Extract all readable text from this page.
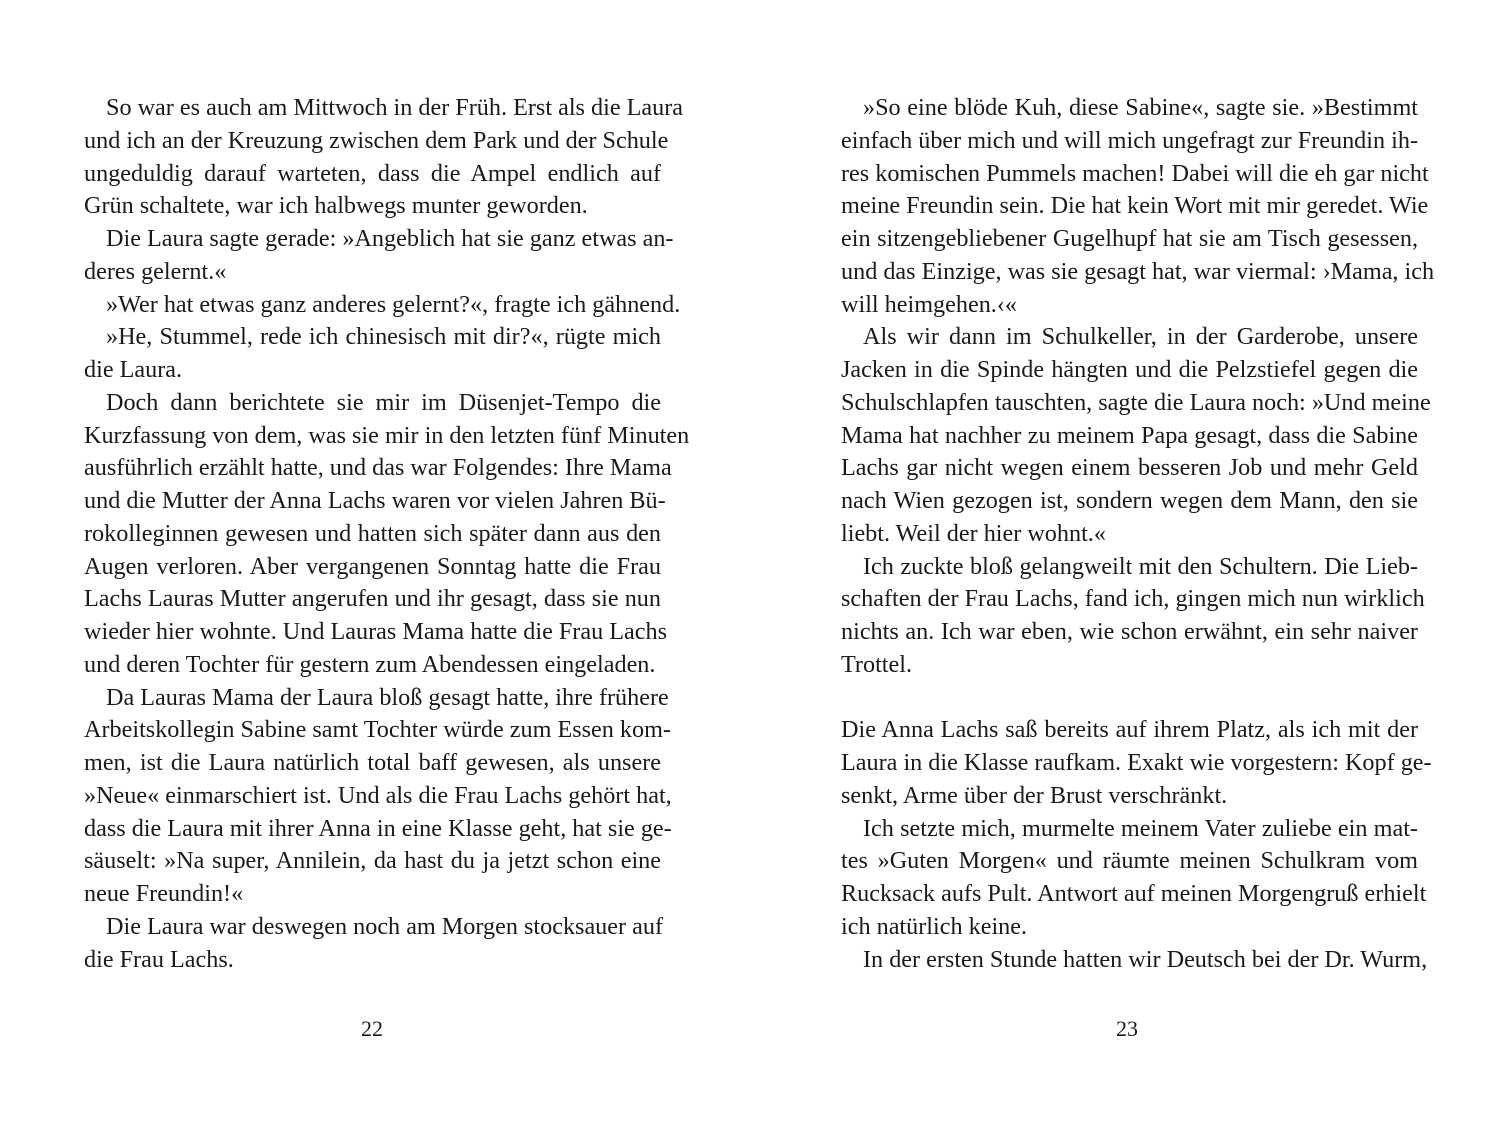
So war es auch am Mittwoch in der Früh. Erst als die Laura
und ich an der Kreuzung zwischen dem Park und der Schule
ungeduldig darauf warteten, dass die Ampel endlich auf
Grün schaltete, war ich halbwegs munter geworden.
Die Laura sagte gerade: »Angeblich hat sie ganz etwas an-
deres gelernt.«
»Wer hat etwas ganz anderes gelernt?«, fragte ich gähnend.
»He, Stummel, rede ich chinesisch mit dir?«, rügte mich
die Laura.
Doch dann berichtete sie mir im Düsenjet-Tempo die
Kurzfassung von dem, was sie mir in den letzten fünf Minuten
ausführlich erzählt hatte, und das war Folgendes: Ihre Mama
und die Mutter der Anna Lachs waren vor vielen Jahren Bü-
rokolleginnen gewesen und hatten sich später dann aus den
Augen verloren. Aber vergangenen Sonntag hatte die Frau
Lachs Lauras Mutter angerufen und ihr gesagt, dass sie nun
wieder hier wohnte. Und Lauras Mama hatte die Frau Lachs
und deren Tochter für gestern zum Abendessen eingeladen.
Da Lauras Mama der Laura bloß gesagt hatte, ihre frühere
Arbeitskollegin Sabine samt Tochter würde zum Essen kom-
men, ist die Laura natürlich total baff gewesen, als unsere
»Neue« einmarschiert ist. Und als die Frau Lachs gehört hat,
dass die Laura mit ihrer Anna in eine Klasse geht, hat sie ge-
säuselt: »Na super, Annilein, da hast du ja jetzt schon eine
neue Freundin!«
Die Laura war deswegen noch am Morgen stocksauer auf
die Frau Lachs.
22
»So eine blöde Kuh, diese Sabine«, sagte sie. »Bestimmt
einfach über mich und will mich ungefragt zur Freundin ih-
res komischen Pummels machen! Dabei will die eh gar nicht
meine Freundin sein. Die hat kein Wort mit mir geredet. Wie
ein sitzengebliebener Gugelhupf hat sie am Tisch gesessen,
und das Einzige, was sie gesagt hat, war viermal: ›Mama, ich
will heimgehen.‹«
Als wir dann im Schulkeller, in der Garderobe, unsere
Jacken in die Spinde hängten und die Pelzstiefel gegen die
Schulschlapfen tauschten, sagte die Laura noch: »Und meine
Mama hat nachher zu meinem Papa gesagt, dass die Sabine
Lachs gar nicht wegen einem besseren Job und mehr Geld
nach Wien gezogen ist, sondern wegen dem Mann, den sie
liebt. Weil der hier wohnt.«
Ich zuckte bloß gelangweilt mit den Schultern. Die Lieb-
schaften der Frau Lachs, fand ich, gingen mich nun wirklich
nichts an. Ich war eben, wie schon erwähnt, ein sehr naiver
Trottel.
Die Anna Lachs saß bereits auf ihrem Platz, als ich mit der
Laura in die Klasse raufkam. Exakt wie vorgestern: Kopf ge-
senkt, Arme über der Brust verschränkt.
Ich setzte mich, murmelte meinem Vater zuliebe ein mat-
tes »Guten Morgen« und räumte meinen Schulkram vom
Rucksack aufs Pult. Antwort auf meinen Morgengruß erhielt
ich natürlich keine.
In der ersten Stunde hatten wir Deutsch bei der Dr. Wurm,
23
